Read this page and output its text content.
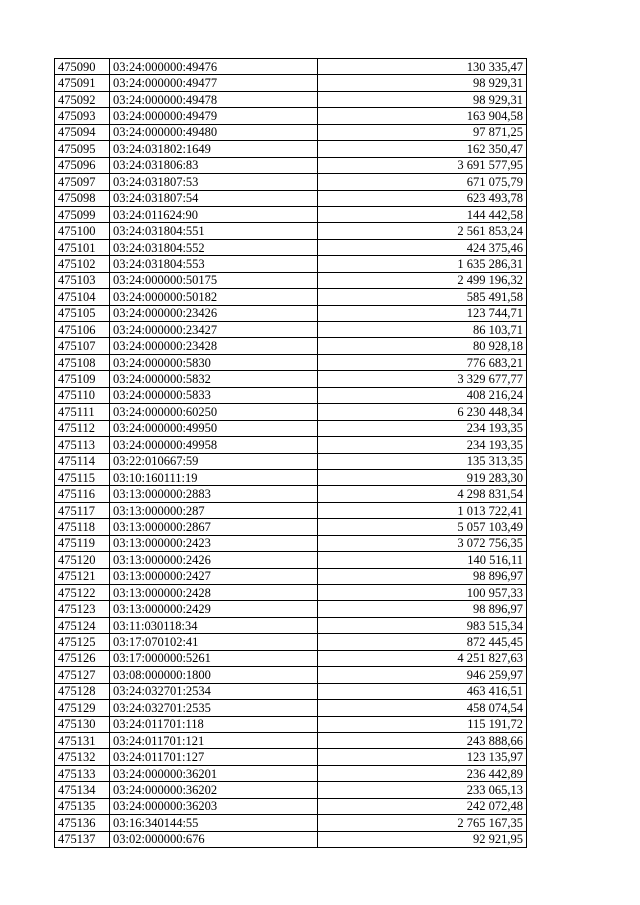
475090	03:24:000000:49476	130 335,47
475091	03:24:000000:49477	98 929,31
475092	03:24:000000:49478	98 929,31
475093	03:24:000000:49479	163 904,58
475094	03:24:000000:49480	97 871,25
475095	03:24:031802:1649	162 350,47
475096	03:24:031806:83	3 691 577,95
475097	03:24:031807:53	671 075,79
475098	03:24:031807:54	623 493,78
475099	03:24:011624:90	144 442,58
475100	03:24:031804:551	2 561 853,24
475101	03:24:031804:552	424 375,46
475102	03:24:031804:553	1 635 286,31
475103	03:24:000000:50175	2 499 196,32
475104	03:24:000000:50182	585 491,58
475105	03:24:000000:23426	123 744,71
475106	03:24:000000:23427	86 103,71
475107	03:24:000000:23428	80 928,18
475108	03:24:000000:5830	776 683,21
475109	03:24:000000:5832	3 329 677,77
475110	03:24:000000:5833	408 216,24
475111	03:24:000000:60250	6 230 448,34
475112	03:24:000000:49950	234 193,35
475113	03:24:000000:49958	234 193,35
475114	03:22:010667:59	135 313,35
475115	03:10:160111:19	919 283,30
475116	03:13:000000:2883	4 298 831,54
475117	03:13:000000:287	1 013 722,41
475118	03:13:000000:2867	5 057 103,49
475119	03:13:000000:2423	3 072 756,35
475120	03:13:000000:2426	140 516,11
475121	03:13:000000:2427	98 896,97
475122	03:13:000000:2428	100 957,33
475123	03:13:000000:2429	98 896,97
475124	03:11:030118:34	983 515,34
475125	03:17:070102:41	872 445,45
475126	03:17:000000:5261	4 251 827,63
475127	03:08:000000:1800	946 259,97
475128	03:24:032701:2534	463 416,51
475129	03:24:032701:2535	458 074,54
475130	03:24:011701:118	115 191,72
475131	03:24:011701:121	243 888,66
475132	03:24:011701:127	123 135,97
475133	03:24:000000:36201	236 442,89
475134	03:24:000000:36202	233 065,13
475135	03:24:000000:36203	242 072,48
475136	03:16:340144:55	2 765 167,35
475137	03:02:000000:676	92 921,95
